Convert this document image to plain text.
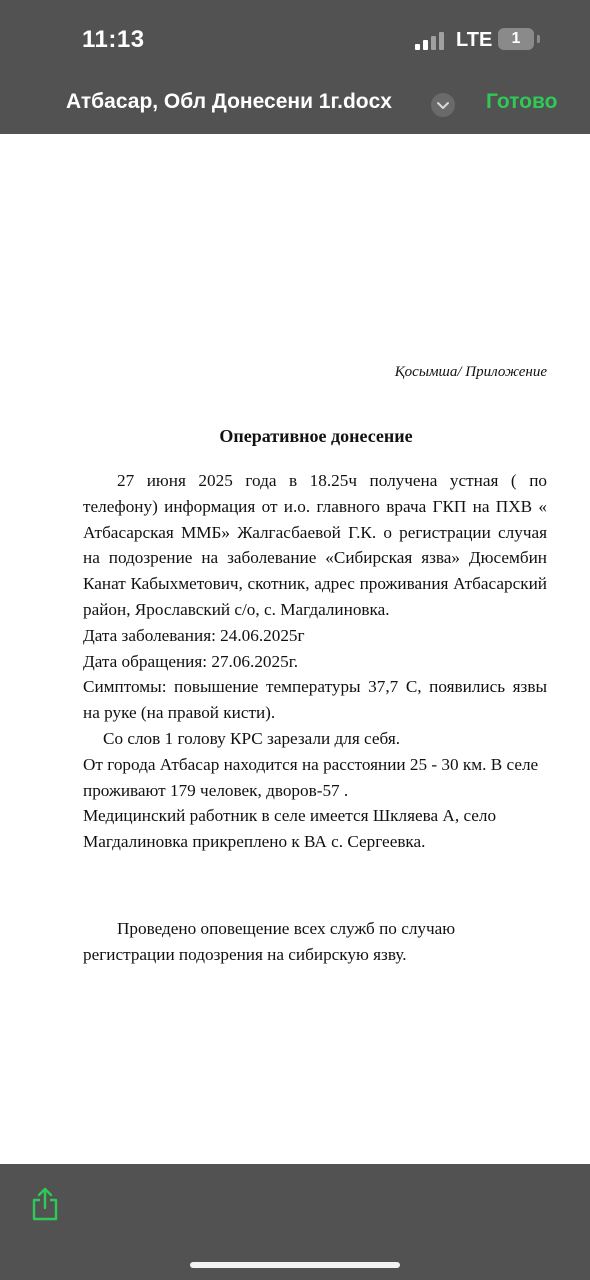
11:13	LTE	1
Атбасар, Обл Донесени 1г.docx	Готово
Қосымша/ Приложение
Оперативное донесение

27 июня 2025 года в 18.25ч получена устная ( по телефону) информация от и.о. главного врача ГКП на ПХВ « Атбасарская ММБ» Жалгасбаевой Г.К. о регистрации случая на подозрение на заболевание «Сибирская язва» Дюсембин Канат Кабыхметович, скотник, адрес проживания Атбасарский район, Ярославский с/о, с. Магдалиновка.

Дата заболевания: 24.06.2025г

Дата обращения: 27.06.2025г.

Симптомы: повышение температуры 37,7 С, появились язвы на руке (на правой кисти).

Со слов 1 голову КРС зарезали для себя.

От города Атбасар находится на расстоянии 25 - 30 км. В селе проживают 179 человек, дворов-57 .

Медицинский работник в селе имеется Шкляева А, село Магдалиновка прикреплено к ВА с. Сергеевка.

Проведено оповещение всех служб по случаю регистрации подозрения на сибирскую язву.
